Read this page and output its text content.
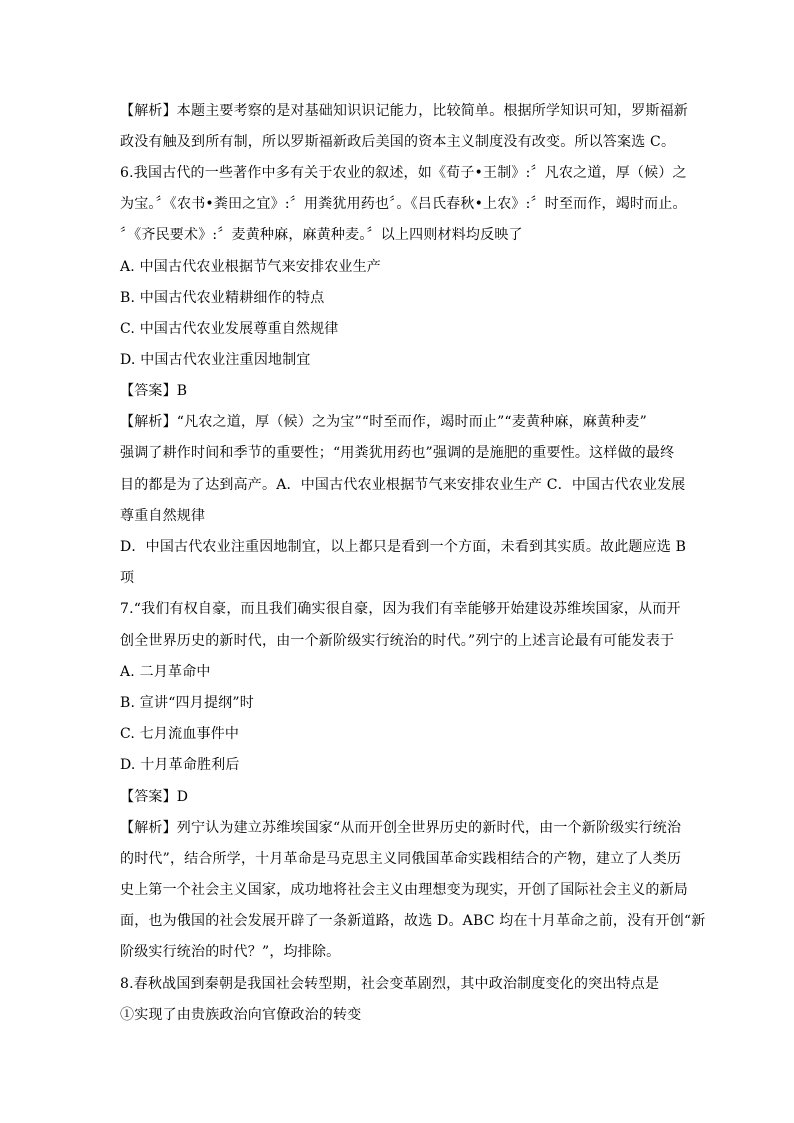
【解析】本题主要考察的是对基础知识识记能力，比较简单。根据所学知识可知，罗斯福新
政没有触及到所有制，所以罗斯福新政后美国的资本主义制度没有改变。所以答案选 C。
6.我国古代的一些著作中多有关于农业的叙述，如《荀子•王制》:〞凡农之道，厚（候）之
为宝。〞《农书•粪田之宜》:〞用粪犹用药也〞。《吕氏春秋•上农》:〞时至而作，竭时而止。
〞《齐民要术》:〞麦黄种麻，麻黄种麦。〞以上四则材料均反映了
A. 中国古代农业根据节气来安排农业生产
B. 中国古代农业精耕细作的特点
C. 中国古代农业发展尊重自然规律
D. 中国古代农业注重因地制宜
【答案】B
【解析】“凡农之道，厚（候）之为宝”“时至而作，竭时而止”“麦黄种麻，麻黄种麦”
强调了耕作时间和季节的重要性；“用粪犹用药也”强调的是施肥的重要性。这样做的最终
目的都是为了达到高产。A．中国古代农业根据节气来安排农业生产 C．中国古代农业发展
尊重自然规律
D．中国古代农业注重因地制宜，以上都只是看到一个方面，未看到其实质。故此题应选 B
项
7.“我们有权自豪，而且我们确实很自豪，因为我们有幸能够开始建设苏维埃国家，从而开
创全世界历史的新时代，由一个新阶级实行统治的时代。”列宁的上述言论最有可能发表于
A. 二月革命中
B. 宣讲“四月提纲”时
C. 七月流血事件中
D. 十月革命胜利后
【答案】D
【解析】列宁认为建立苏维埃国家“从而开创全世界历史的新时代，由一个新阶级实行统治
的时代”，结合所学，十月革命是马克思主义同俄国革命实践相结合的产物，建立了人类历
史上第一个社会主义国家，成功地将社会主义由理想变为现实，开创了国际社会主义的新局
面，也为俄国的社会发展开辟了一条新道路，故选 D。ABC 均在十月革命之前，没有开创“新
阶级实行统治的时代？”，均排除。
8.春秋战国到秦朝是我国社会转型期，社会变革剧烈，其中政治制度变化的突出特点是
①实现了由贵族政治向官僚政治的转变
